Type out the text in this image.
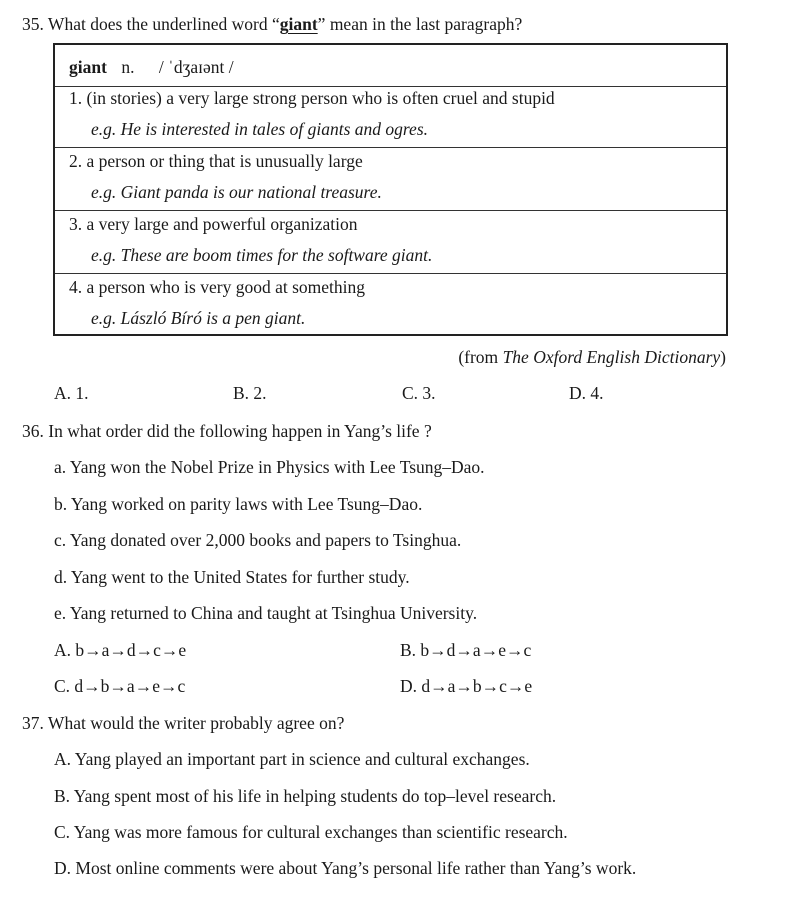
35. What does the underlined word “giant” mean in the last paragraph?
giant n. / ˈdʒaɪənt /
1. (in stories) a very large strong person who is often cruel and stupid
e.g. He is interested in tales of giants and ogres.
2. a person or thing that is unusually large
e.g. Giant panda is our national treasure.
3. a very large and powerful organization
e.g. These are boom times for the software giant.
4. a person who is very good at something
e.g. László Bíró is a pen giant.
(from The Oxford English Dictionary)
A. 1.	B. 2.	C. 3.	D. 4.
36. In what order did the following happen in Yang’s life ?
a. Yang won the Nobel Prize in Physics with Lee Tsung–Dao.
b. Yang worked on parity laws with Lee Tsung–Dao.
c. Yang donated over 2,000 books and papers to Tsinghua.
d. Yang went to the United States for further study.
e. Yang returned to China and taught at Tsinghua University.
A. b→a→d→c→e	B. b→d→a→e→c
C. d→b→a→e→c	D. d→a→b→c→e
37. What would the writer probably agree on?
A. Yang played an important part in science and cultural exchanges.
B. Yang spent most of his life in helping students do top–level research.
C. Yang was more famous for cultural exchanges than scientific research.
D. Most online comments were about Yang’s personal life rather than Yang’s work.
